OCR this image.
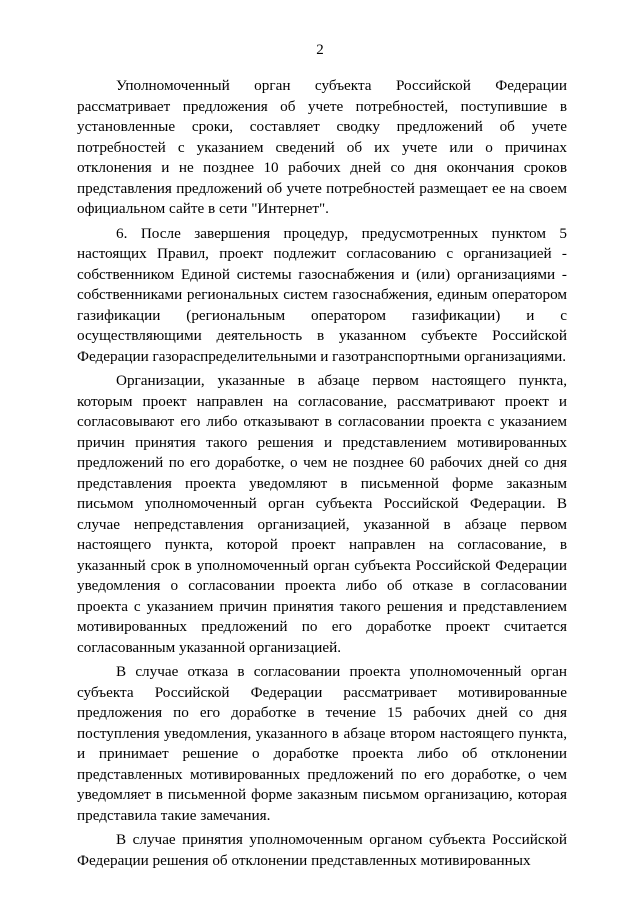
2

Уполномоченный орган субъекта Российской Федерации рассматривает предложения об учете потребностей, поступившие в установленные сроки, составляет сводку предложений об учете потребностей с указанием сведений об их учете или о причинах отклонения и не позднее 10 рабочих дней со дня окончания сроков представления предложений об учете потребностей размещает ее на своем официальном сайте в сети "Интернет".

6. После завершения процедур, предусмотренных пунктом 5 настоящих Правил, проект подлежит согласованию с организацией - собственником Единой системы газоснабжения и (или) организациями - собственниками региональных систем газоснабжения, единым оператором газификации (региональным оператором газификации) и с осуществляющими деятельность в указанном субъекте Российской Федерации газораспределительными и газотранспортными организациями.

Организации, указанные в абзаце первом настоящего пункта, которым проект направлен на согласование, рассматривают проект и согласовывают его либо отказывают в согласовании проекта с указанием причин принятия такого решения и представлением мотивированных предложений по его доработке, о чем не позднее 60 рабочих дней со дня представления проекта уведомляют в письменной форме заказным письмом уполномоченный орган субъекта Российской Федерации. В случае непредставления организацией, указанной в абзаце первом настоящего пункта, которой проект направлен на согласование, в указанный срок в уполномоченный орган субъекта Российской Федерации уведомления о согласовании проекта либо об отказе в согласовании проекта с указанием причин принятия такого решения и представлением мотивированных предложений по его доработке проект считается согласованным указанной организацией.

В случае отказа в согласовании проекта уполномоченный орган субъекта Российской Федерации рассматривает мотивированные предложения по его доработке в течение 15 рабочих дней со дня поступления уведомления, указанного в абзаце втором настоящего пункта, и принимает решение о доработке проекта либо об отклонении представленных мотивированных предложений по его доработке, о чем уведомляет в письменной форме заказным письмом организацию, которая представила такие замечания.

В случае принятия уполномоченным органом субъекта Российской Федерации решения об отклонении представленных мотивированных
